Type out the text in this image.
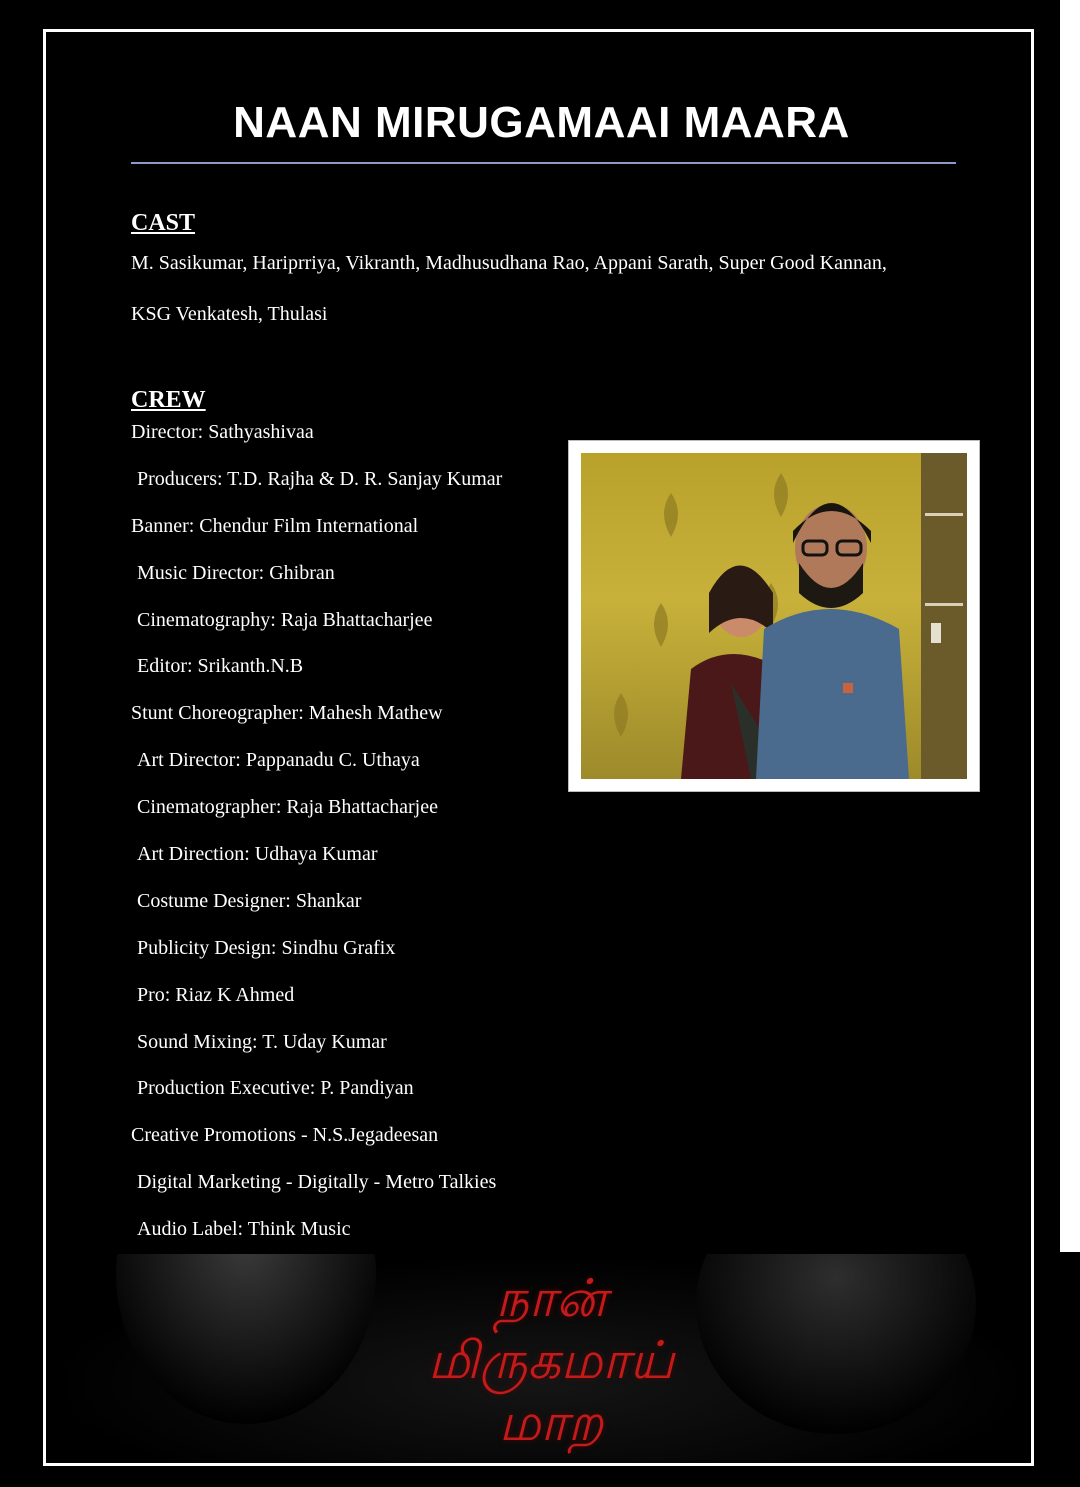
NAAN MIRUGAMAAI MAARA
CAST

M. Sasikumar, Hariprriya, Vikranth, Madhusudhana Rao, Appani Sarath, Super Good Kannan, KSG Venkatesh, Thulasi

CREW
Director: Sathyashivaa
Producers: T.D. Rajha & D. R. Sanjay Kumar
Banner: Chendur Film International
Music Director: Ghibran
Cinematography: Raja Bhattacharjee
Editor: Srikanth.N.B
Stunt Choreographer: Mahesh Mathew
Art Director: Pappanadu C. Uthaya
Cinematographer: Raja Bhattacharjee
Art Direction: Udhaya Kumar
Costume Designer: Shankar
Publicity Design: Sindhu Grafix
Pro: Riaz K Ahmed
Sound Mixing: T. Uday Kumar
Production Executive: P. Pandiyan
Creative Promotions - N.S.Jegadeesan
Digital Marketing - Digitally - Metro Talkies
Audio Label: Think Music
நான்
மிருகமாய்
மாற
